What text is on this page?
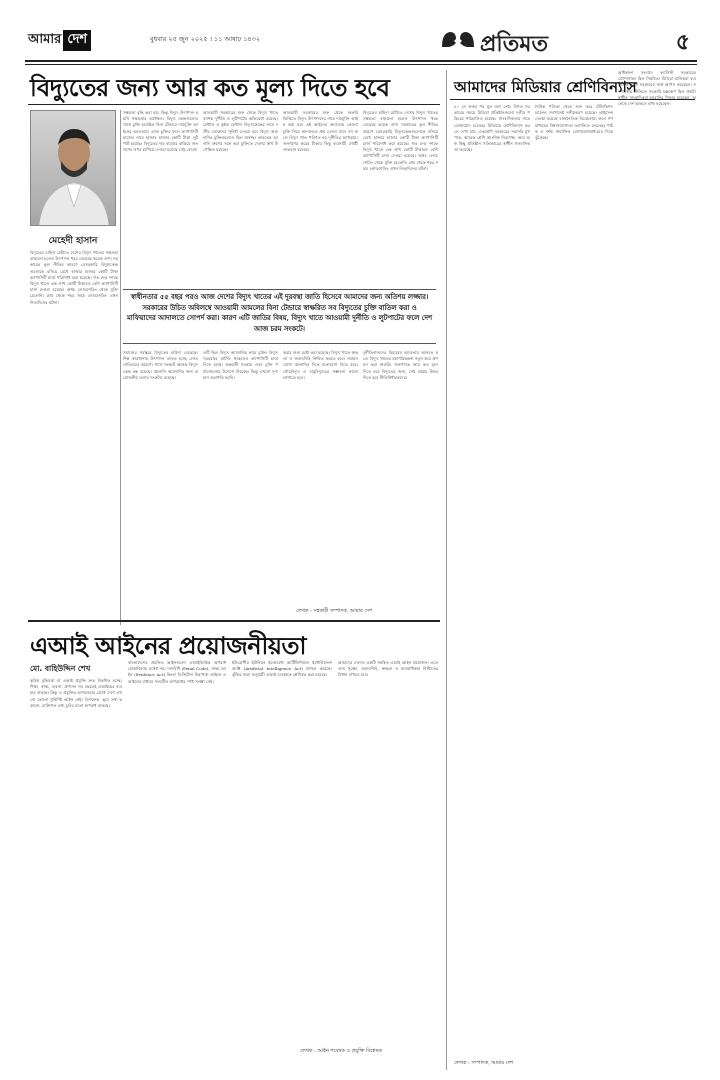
আমার দেশ	বুধবার ২৫ জুন ২০২৫ । ১১ আষাঢ় ১৪৩২	প্রতিমত	৫
বিদ্যুতের জন্য আর কত মূল্য দিতে হবে
মেহেদী হাসান
বিদ্যুতের চাহিদা মেটাতে দেশের বিদ্যুৎ খাতের সক্ষমতা বাড়ানো হলেও উৎপাদন খরচ বেড়েছে কয়েক গুণ। সরকারের ভুল নীতির কারণে বেসরকারি বিদ্যুৎকেন্দ্রগুলোকে বসিয়ে রেখে হাজার হাজার কোটি টাকা ক্যাপাসিটি চার্জ পরিশোধ করা হয়েছে। গত দেড় দশকে বিদ্যুৎ খাতে এক লাখ কোটি টাকারও বেশি ক্যাপাসিটি চার্জ দেওয়া হয়েছে। অথচ লোডশেডিং থেকে মুক্তি মেলেনি। গ্রাম থেকে শহর সর্বত্র লোডশেডিং এখন নিত্যদিনের ঘটনা।
সক্ষমতা বৃদ্ধি করা হয়। কিন্তু বিদ্যুৎ উৎপাদন হয়নি সক্ষমতার অর্ধেকও। বিদ্যুৎ কেন্দ্রগুলোর সাথে চুক্তি হয়েছিল বিনা টেন্ডারে দায়মুক্তি আইনের আওতায়। এসব চুক্তির ফলে ক্যাপাসিটি চার্জের নামে হাজার হাজার কোটি টাকা লুটপাট হয়েছে। বিদ্যুতের দাম বারবার বাড়িয়ে জনগণের ওপর চাপিয়ে দেওয়া হয়েছে সেই বোঝা।
আওয়ামী সরকারের শুরু থেকে বিদ্যুৎ খাতে ব্যাপক দুর্নীতি ও লুটপাটের অভিযোগ রয়েছে। রেন্টাল ও কুইক রেন্টাল বিদ্যুৎকেন্দ্রের নামে দলীয় লোকদের সুবিধা দেওয়া হয়। বিদ্যুৎ আমদানির চুক্তিগুলোও ছিল অস্বচ্ছ। ভারতের আদানি গ্রুপের সঙ্গে করা চুক্তিতে দেশের স্বার্থ উপেক্ষিত হয়েছে।
আওয়ামী সরকারের শুরু থেকে জরুরি ভিত্তিতে বিদ্যুৎ উৎপাদনের নামে দায়মুক্তি আইন করা হয়। এই আইনের আওতায় কোনো চুক্তি নিয়ে আদালতে প্রশ্ন তোলা যাবে না। ফলে বিদ্যুৎ খাত পরিণত হয় দুর্নীতির আখড়ায়। জনগণের করের টাকায় কিছু ব্যবসায়ী গোষ্ঠী লাভবান হয়েছে।
বিদ্যুতের চাহিদা মেটাতে দেশের বিদ্যুৎ খাতের সক্ষমতা বাড়ানো হলেও উৎপাদন খরচ বেড়েছে কয়েক গুণ। সরকারের ভুল নীতির কারণে বেসরকারি বিদ্যুৎকেন্দ্রগুলোকে বসিয়ে রেখে হাজার হাজার কোটি টাকা ক্যাপাসিটি চার্জ পরিশোধ করা হয়েছে। গত দেড় দশকে বিদ্যুৎ খাতে এক লাখ কোটি টাকারও বেশি ক্যাপাসিটি চার্জ দেওয়া হয়েছে। অথচ লোডশেডিং থেকে মুক্তি মেলেনি। গ্রাম থেকে শহর সর্বত্র লোডশেডিং এখন নিত্যদিনের ঘটনা।
স্বাধীনতার ৫৫ বছর পরও আজ দেশের বিদ্যুৎ খাতের এই দুরবস্থা জাতি হিসেবে আমাদের জন্য অতিশয় লজ্জার। সরকারের উচিত অবিলম্বে আওয়ামী আমলের বিনা টেন্ডারে স্বাক্ষরিত সব বিদ্যুতের চুক্তি বাতিল করা ও মাফিয়াদের আদালতে সোপর্দ করা। কারণ এটি জাতির বিষয়, বিদ্যুৎ খাতে আওয়ামী দুর্নীতি ও লুটপাটের ফলে দেশ আজ চরম সংকটে।
সমাজের সর্বস্তরে বিদ্যুতের চাহিদা বেড়েছে। শিল্প কারখানায় উৎপাদন ব্যাহত হচ্ছে লোডশেডিংয়ের কারণে। গ্যাস সংকটে অনেক বিদ্যুৎকেন্দ্র বন্ধ রয়েছে। জ্বালানি আমদানির জন্য প্রয়োজনীয় ডলার সংকটও রয়েছে।
এটি ছিল বিদ্যুৎ আমদানির নামে চুক্তি। বিদ্যুৎ সরবরাহে ঘাটতি থাকলেও ক্যাপাসিটি চার্জ দিতে হচ্ছে। অন্তর্বর্তী সরকার এসব চুক্তি পর্যালোচনার উদ্যোগ নিয়েছে। কিন্তু এখনো দৃশ্যমান অগ্রগতি হয়নি।
করার জন্য চেষ্টা করা হয়েছে। বিদ্যুৎ খাতে স্বচ্ছতা ও জবাবদিহি নিশ্চিত করতে হবে। নবায়নযোগ্য জ্বালানির দিকে মনোযোগ দিতে হবে। সৌরবিদ্যুৎ ও বায়ুবিদ্যুতের সম্ভাবনা কাজে লাগাতে হবে।
দুর্নীতিবাজদের বিচারের আওতায় আনতে হবে। বিদ্যুৎ খাতের মহাপরিকল্পনা নতুন করে প্রণয়ন করা জরুরি। জনগণকে আর কত মূল্য দিতে হবে বিদ্যুতের জন্য, সেই প্রশ্নের উত্তর দিতে হবে নীতিনির্ধারকদের।
লেখক : সহকারী সম্পাদক, আমার দেশ
এআই আইনের প্রয়োজনীয়তা
মো. বাহিউদ্দিন শেখ
কৃত্রিম বুদ্ধিমত্তা বা এআই প্রযুক্তি দ্রুত বিকশিত হচ্ছে। শিক্ষা, স্বাস্থ্য, ব্যবসা, প্রশাসন সব ক্ষেত্রেই এআইয়ের ব্যবহার বাড়ছে। কিন্তু এ প্রযুক্তির অপব্যবহার রোধে দেশে এখনো কোনো সুনির্দিষ্ট আইন নেই। ডিপফেক, ভুয়া তথ্য ছড়ানো, ব্যক্তিগত তথ্য চুরির মতো অপরাধ বাড়ছে।
বাংলাদেশের প্রচলিত আইনগুলো এআইভিত্তিক অপরাধ মোকাবিলায় যথেষ্ট নয়। দণ্ডবিধি (Penal Code), সাক্ষ্য আইন (Evidence Act) কিংবা ডিজিটাল নিরাপত্তা আইনে এআইয়ের মাধ্যমে সংঘটিত অপরাধের স্পষ্ট সংজ্ঞা নেই।
ইউরোপীয় ইউনিয়ন ইতোমধ্যে আর্টিফিশিয়াল ইন্টেলিজেন্স অ্যাক্ট (Artificial Intelligence Act) প্রণয়ন করেছে। ঝুঁকির মাত্রা অনুযায়ী এআই ব্যবস্থাকে শ্রেণিবদ্ধ করা হয়েছে।
আমাদের দেশেও একটি সমন্বিত এআই আইন প্রয়োজন। এতে তথ্য সুরক্ষা, জবাবদিহি, স্বচ্ছতা ও মানবাধিকার নিশ্চিতের বিধান রাখতে হবে।
লেখক : আইন গবেষক ও প্রযুক্তি বিশ্লেষক
আমাদের মিডিয়ার শ্রেণিবিন্যাস
৮০ নে শুরুর পর মূল বলা নেই। বিগত সরকারের সময়ে মিডিয়া প্রতিষ্ঠানগুলো দলীয় পরিচয়ে পরিচালিত হয়েছে। সাংবাদিকতার নামে তোষামোদ চলেছে। মিডিয়ার শ্রেণিবিন্যাস করলে দেখা যায়, একশ্রেণি সরকারের সরাসরি মুখপাত্র, আরেক শ্রেণি আংশিক নিরপেক্ষ, আর অল্প কিছু প্রতিষ্ঠান সত্যিকারের স্বাধীন সাংবাদিকতা করেছে।
দৈনিক পত্রিকা থেকে শুরু করে টেলিভিশন চ্যানেল সবখানেই দলীয়করণ হয়েছে। লাইসেন্স দেওয়া হয়েছে রাজনৈতিক বিবেচনায়। ফলে গণমাধ্যমের বিশ্বাসযোগ্যতা তলানিতে নেমেছে। পাঠক ও দর্শক সামাজিক যোগাযোগমাধ্যমের দিকে ঝুঁকেছে।
অধিকাংশ সংবাদে ফ্যাসিস্ট সরকারের প্রোপাগান্ডা ছিল নিয়মিত। মিডিয়া মালিকরা ব্যবসায়িক স্বার্থে সরকারের সঙ্গে আপস করেছেন। সম্পাদকীয় নীতিতে সরকারি হস্তক্ষেপ ছিল প্রকট। স্বাধীন সাংবাদিকরা হয়রানির শিকার হয়েছেন, অনেকে দেশ ছাড়তে বাধ্য হয়েছেন।
লেখক : সম্পাদক, আমার দেশ
